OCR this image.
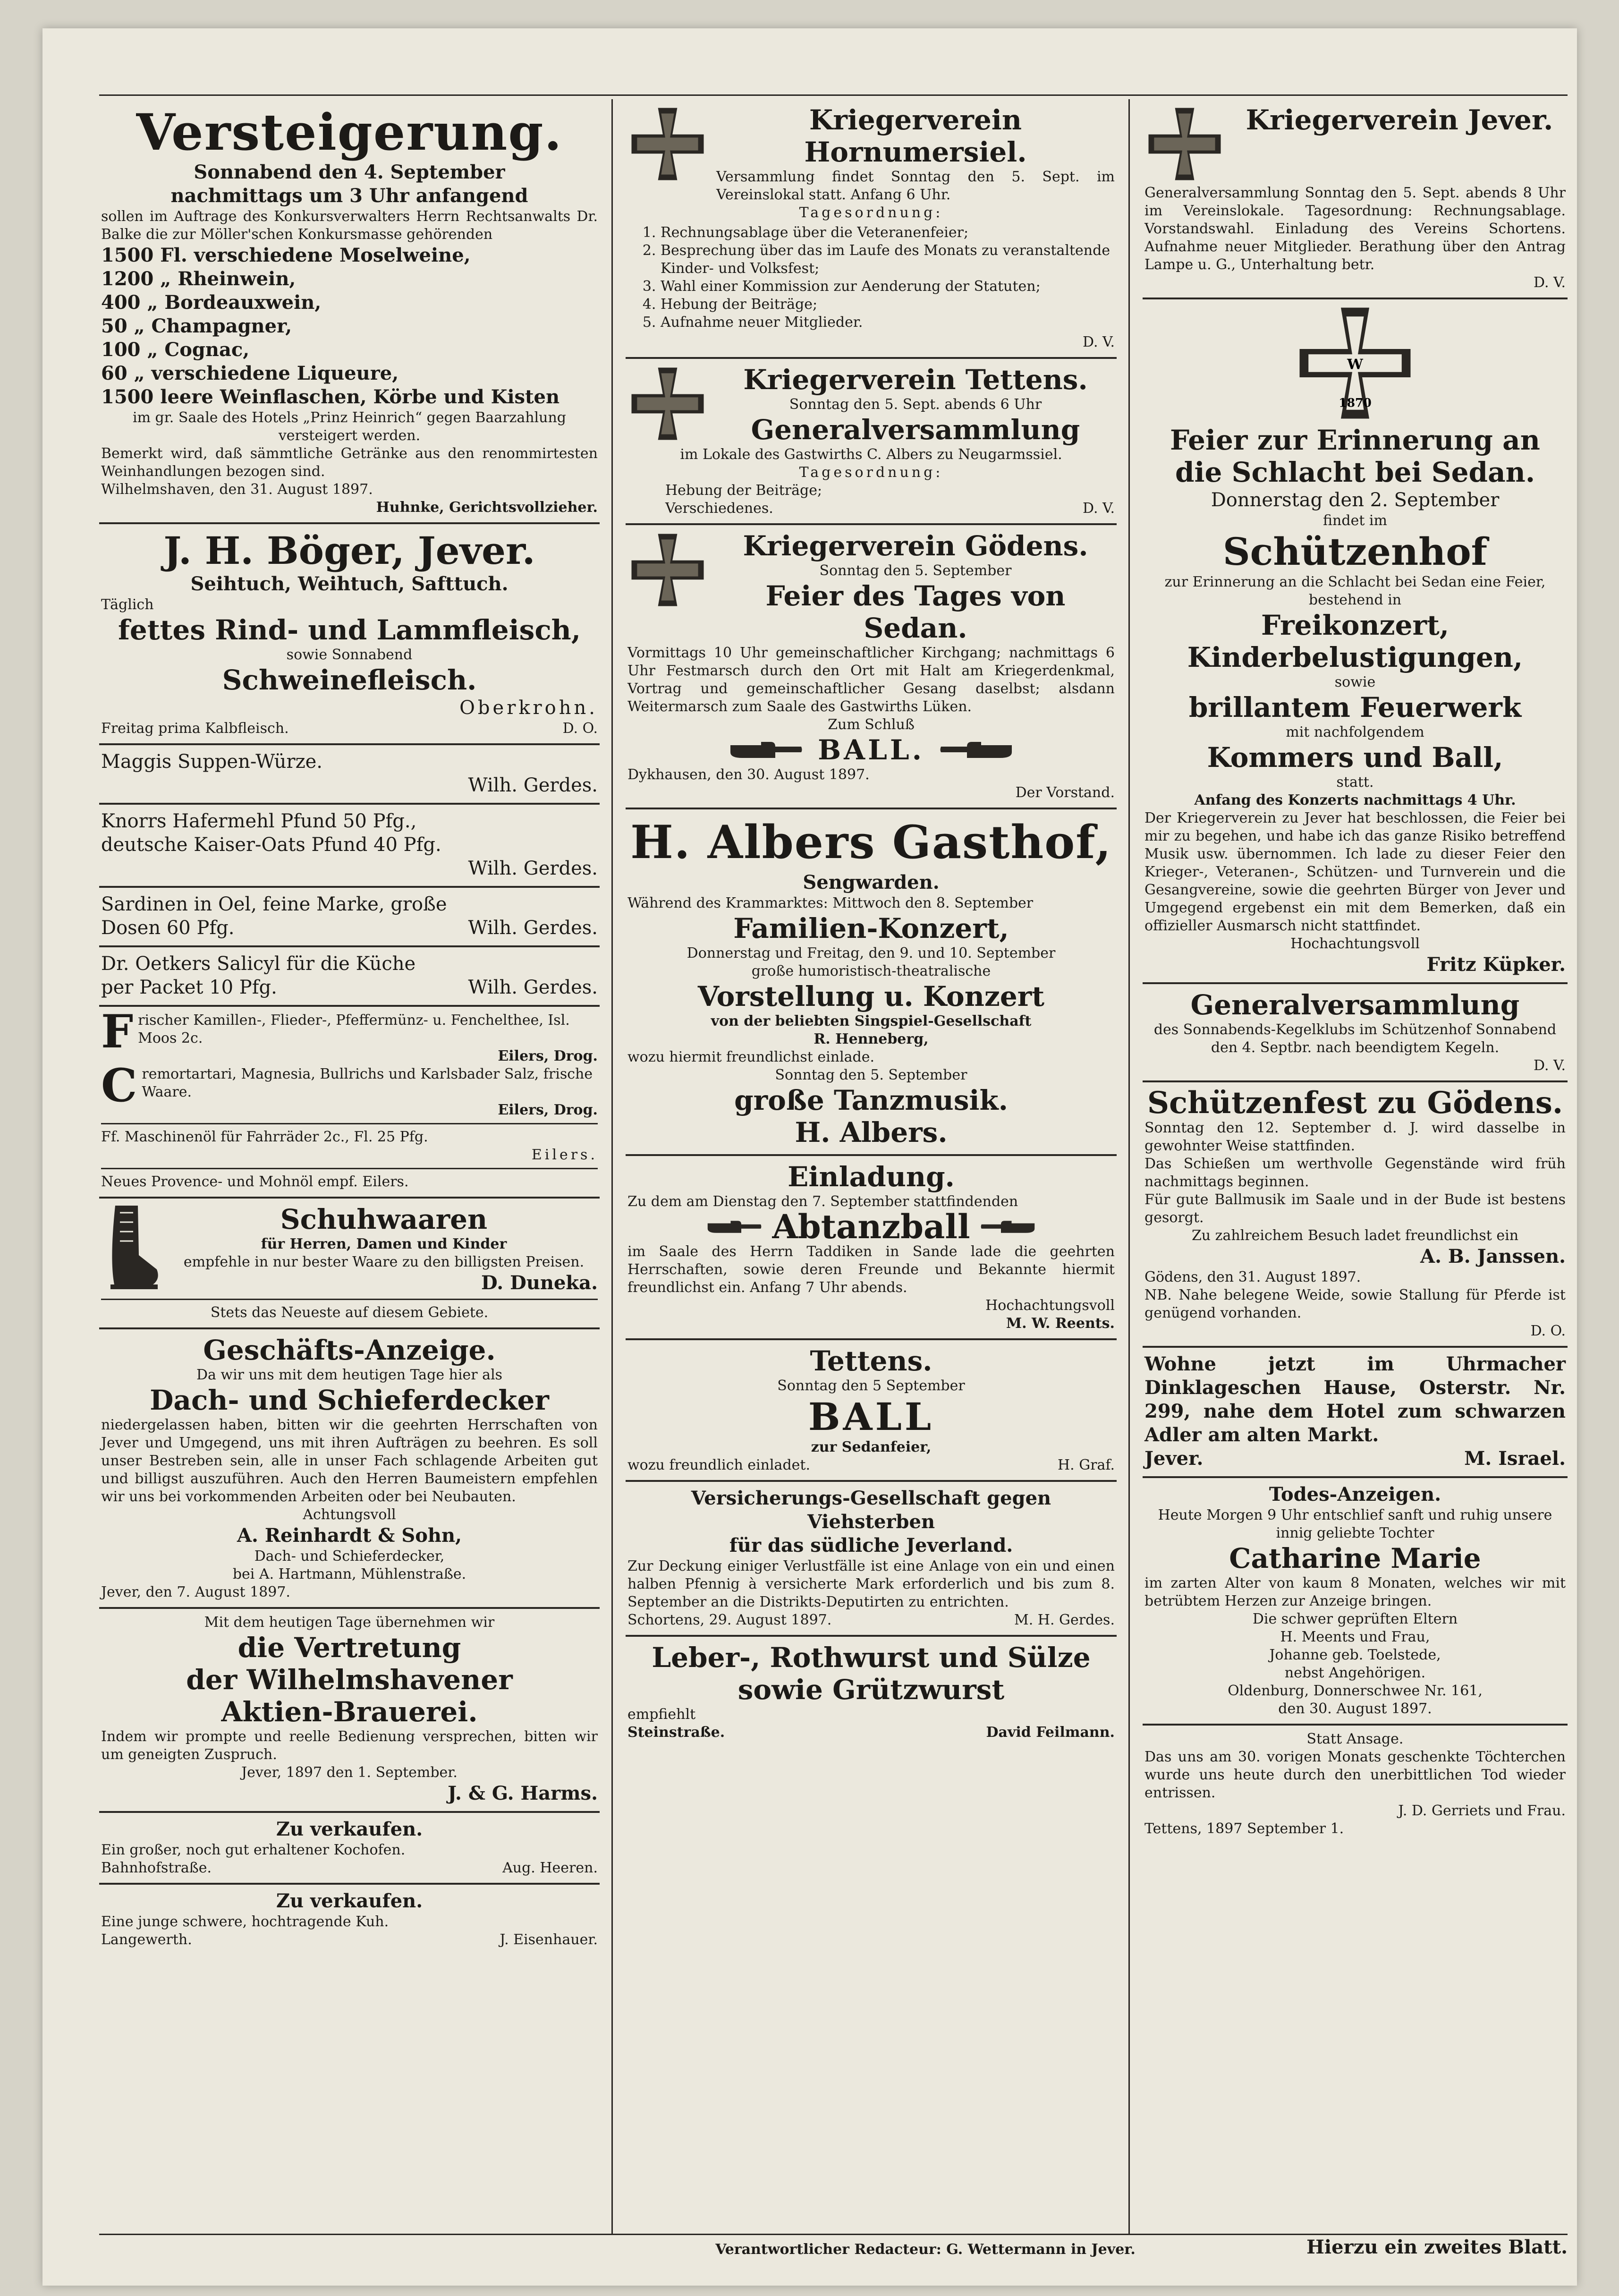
Versteigerung.
Sonnabend den 4. September
nachmittags um 3 Uhr anfangend
sollen im Auftrage des Konkursverwalters Herrn Rechtsanwalts Dr. Balke die zur Möller'schen Konkursmasse gehörenden
1500 Fl. verschiedene Moselweine,
1200 „ Rheinwein,
400 „ Bordeauxwein,
50 „ Champagner,
100 „ Cognac,
60 „ verschiedene Liqueure,
1500 leere Weinflaschen, Körbe und Kisten
im gr. Saale des Hotels „Prinz Heinrich“ gegen Baarzahlung versteigert werden.
Bemerkt wird, daß sämmtliche Getränke aus den renommirtesten Weinhandlungen bezogen sind.
Wilhelmshaven, den 31. August 1897.
Huhnke, Gerichtsvollzieher.
J. H. Böger, Jever.
Seihtuch, Weihtuch, Safttuch.
Täglich
fettes Rind- und Lammfleisch,
sowie Sonnabend
Schweinefleisch.
Oberkrohn.
Freitag prima Kalbfleisch.	D. O.
Maggis Suppen-Würze.
Wilh. Gerdes.
Knorrs Hafermehl Pfund 50 Pfg.,
deutsche Kaiser-Oats Pfund 40 Pfg.
Wilh. Gerdes.
Sardinen in Oel, feine Marke, große
Dosen 60 Pfg.	Wilh. Gerdes.
Dr. Oetkers Salicyl für die Küche
per Packet 10 Pfg.	Wilh. Gerdes.
F rischer Kamillen-, Flieder-, Pfeffermünz- u. Fenchelthee, Isl. Moos 2c.
Eilers, Drog.
C remortartari, Magnesia, Bullrichs und Karlsbader Salz, frische Waare.
Eilers, Drog.
Ff. Maschinenöl für Fahrräder 2c., Fl. 25 Pfg.
Eilers.
Neues Provence- und Mohnöl empf. Eilers.
Schuhwaaren
für Herren, Damen und Kinder
empfehle in nur bester Waare zu den billigsten Preisen.
D. Duneka.
Stets das Neueste auf diesem Gebiete.
Geschäfts-Anzeige.
Da wir uns mit dem heutigen Tage hier als
Dach- und Schieferdecker
niedergelassen haben, bitten wir die geehrten Herrschaften von Jever und Umgegend, uns mit ihren Aufträgen zu beehren. Es soll unser Bestreben sein, alle in unser Fach schlagende Arbeiten gut und billigst auszuführen. Auch den Herren Baumeistern empfehlen wir uns bei vorkommenden Arbeiten oder bei Neubauten.
Achtungsvoll
A. Reinhardt & Sohn,
Dach- und Schieferdecker,
bei A. Hartmann, Mühlenstraße.
Jever, den 7. August 1897.
Mit dem heutigen Tage übernehmen wir
die Vertretung
der Wilhelmshavener
Aktien-Brauerei.
Indem wir prompte und reelle Bedienung versprechen, bitten wir um geneigten Zuspruch.
Jever, 1897 den 1. September.
J. & G. Harms.
Zu verkaufen.
Ein großer, noch gut erhaltener Kochofen.
Bahnhofstraße.	Aug. Heeren.
Zu verkaufen.
Eine junge schwere, hochtragende Kuh.
Langewerth.	J. Eisenhauer.
Kriegerverein Hornumersiel.
Versammlung findet Sonntag den 5. Sept. im Vereinslokal statt. Anfang 6 Uhr.
Tagesordnung:
1. Rechnungsablage über die Veteranenfeier;
2. Besprechung über das im Laufe des Monats zu veranstaltende Kinder- und Volksfest;
3. Wahl einer Kommission zur Aenderung der Statuten;
4. Hebung der Beiträge;
5. Aufnahme neuer Mitglieder.
D. V.
Kriegerverein Tettens.
Sonntag den 5. Sept. abends 6 Uhr
Generalversammlung
im Lokale des Gastwirths C. Albers zu Neugarmssiel.
Tagesordnung:
Hebung der Beiträge;
Verschiedenes.	D. V.
Kriegerverein Gödens.
Sonntag den 5. September
Feier des Tages von
Sedan.
Vormittags 10 Uhr gemeinschaftlicher Kirchgang; nachmittags 6 Uhr Festmarsch durch den Ort mit Halt am Kriegerdenkmal, Vortrag und gemeinschaftlicher Gesang daselbst; alsdann Weitermarsch zum Saale des Gastwirths Lüken.
Zum Schluß
BALL.
Dykhausen, den 30. August 1897.
Der Vorstand.
H. Albers Gasthof,
Sengwarden.
Während des Krammarktes: Mittwoch den 8. September
Familien-Konzert,
Donnerstag und Freitag, den 9. und 10. September
große humoristisch-theatralische
Vorstellung u. Konzert
von der beliebten Singspiel-Gesellschaft
R. Henneberg,
wozu hiermit freundlichst einlade.
Sonntag den 5. September
große Tanzmusik.
H. Albers.
Einladung.
Zu dem am Dienstag den 7. September stattfindenden
Abtanzball
im Saale des Herrn Taddiken in Sande lade die geehrten Herrschaften, sowie deren Freunde und Bekannte hiermit freundlichst ein. Anfang 7 Uhr abends.
Hochachtungsvoll
M. W. Reents.
Tettens.
Sonntag den 5 September
BALL
zur Sedanfeier,
wozu freundlich einladet.	H. Graf.
Versicherungs-Gesellschaft gegen Viehsterben
für das südliche Jeverland.
Zur Deckung einiger Verlustfälle ist eine Anlage von ein und einen halben Pfennig à versicherte Mark erforderlich und bis zum 8. September an die Distrikts-Deputirten zu entrichten.
Schortens, 29. August 1897.	M. H. Gerdes.
Leber-, Rothwurst und Sülze
sowie Grützwurst
empfiehlt
Steinstraße.	David Feilmann.
Kriegerverein Jever.
Generalversammlung Sonntag den 5. Sept. abends 8 Uhr im Vereinslokale. Tagesordnung: Rechnungsablage. Vorstandswahl. Einladung des Vereins Schortens. Aufnahme neuer Mitglieder. Berathung über den Antrag Lampe u. G., Unterhaltung betr.
D. V.
W
1870
Feier zur Erinnerung an
die Schlacht bei Sedan.
Donnerstag den 2. September
findet im
Schützenhof
zur Erinnerung an die Schlacht bei Sedan eine Feier, bestehend in
Freikonzert,
Kinderbelustigungen,
sowie
brillantem Feuerwerk
mit nachfolgendem
Kommers und Ball,
statt.
Anfang des Konzerts nachmittags 4 Uhr.
Der Kriegerverein zu Jever hat beschlossen, die Feier bei mir zu begehen, und habe ich das ganze Risiko betreffend Musik usw. übernommen. Ich lade zu dieser Feier den Krieger-, Veteranen-, Schützen- und Turnverein und die Gesangvereine, sowie die geehrten Bürger von Jever und Umgegend ergebenst ein mit dem Bemerken, daß ein offizieller Ausmarsch nicht stattfindet.
Hochachtungsvoll
Fritz Küpker.
Generalversammlung
des Sonnabends-Kegelklubs im Schützenhof Sonnabend den 4. Septbr. nach beendigtem Kegeln.
D. V.
Schützenfest zu Gödens.
Sonntag den 12. September d. J. wird dasselbe in gewohnter Weise stattfinden.
Das Schießen um werthvolle Gegenstände wird früh nachmittags beginnen.
Für gute Ballmusik im Saale und in der Bude ist bestens gesorgt.
Zu zahlreichem Besuch ladet freundlichst ein
A. B. Janssen.
Gödens, den 31. August 1897.
NB. Nahe belegene Weide, sowie Stallung für Pferde ist genügend vorhanden.
D. O.
Wohne jetzt im Uhrmacher Dinklageschen Hause, Osterstr. Nr. 299, nahe dem Hotel zum schwarzen Adler am alten Markt.
Jever.	M. Israel.
Todes-Anzeigen.
Heute Morgen 9 Uhr entschlief sanft und ruhig unsere innig geliebte Tochter
Catharine Marie
im zarten Alter von kaum 8 Monaten, welches wir mit betrübtem Herzen zur Anzeige bringen.
Die schwer geprüften Eltern
H. Meents und Frau,
Johanne geb. Toelstede,
nebst Angehörigen.
Oldenburg, Donnerschwee Nr. 161,
den 30. August 1897.
Statt Ansage.
Das uns am 30. vorigen Monats geschenkte Töchterchen wurde uns heute durch den unerbittlichen Tod wieder entrissen.
J. D. Gerriets und Frau.
Tettens, 1897 September 1.
Verantwortlicher Redacteur: G. Wettermann in Jever.	Hierzu ein zweites Blatt.
